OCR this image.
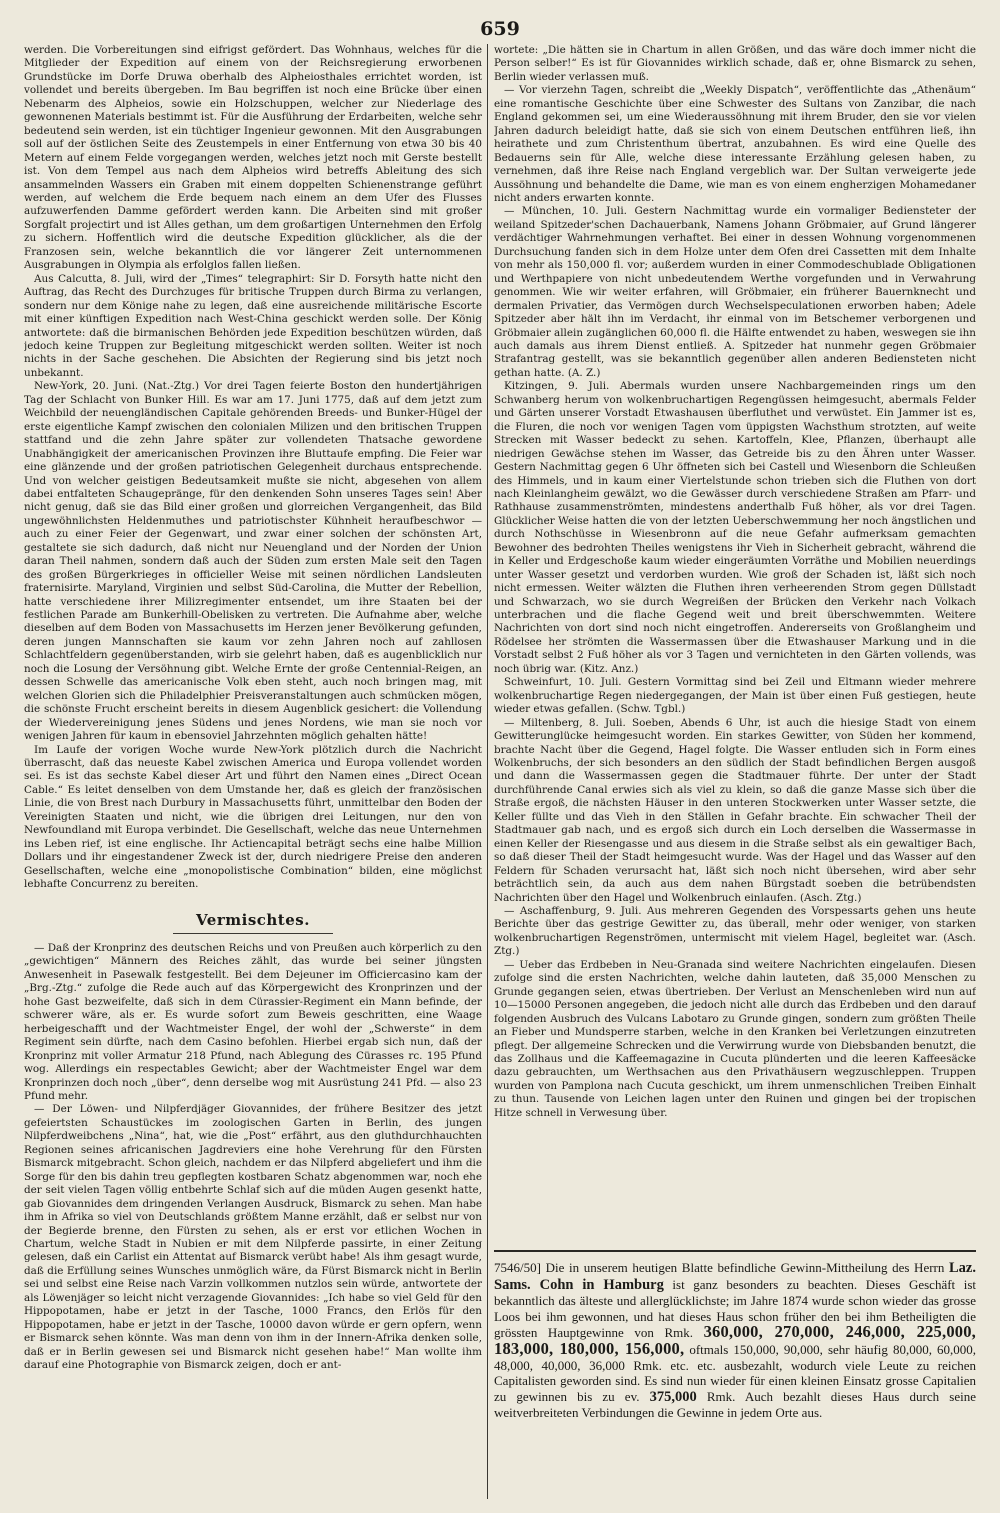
659

werden. Die Vorbereitungen sind eifrigst gefördert. Das Wohnhaus, welches für die Mitglieder der Expedition auf einem von der Reichsregierung erworbenen Grundstücke im Dorfe Druwa oberhalb des Alpheiosthales errichtet worden, ist vollendet und bereits übergeben. Im Bau begriffen ist noch eine Brücke über einen Nebenarm des Alpheios, sowie ein Holzschuppen, welcher zur Niederlage des gewonnenen Materials bestimmt ist. Für die Ausführung der Erdarbeiten, welche sehr bedeutend sein werden, ist ein tüchtiger Ingenieur gewonnen. Mit den Ausgrabungen soll auf der östlichen Seite des Zeustempels in einer Entfernung von etwa 30 bis 40 Metern auf einem Felde vorgegangen werden, welches jetzt noch mit Gerste bestellt ist. Von dem Tempel aus nach dem Alpheios wird betreffs Ableitung des sich ansammelnden Wassers ein Graben mit einem doppelten Schienenstrange geführt werden, auf welchem die Erde bequem nach einem an dem Ufer des Flusses aufzuwerfenden Damme gefördert werden kann. Die Arbeiten sind mit großer Sorgfalt projectirt und ist Alles gethan, um dem großartigen Unternehmen den Erfolg zu sichern. Hoffentlich wird die deutsche Expedition glücklicher, als die der Franzosen sein, welche bekanntlich die vor längerer Zeit unternommenen Ausgrabungen in Olympia als erfolglos fallen ließen.

Aus Calcutta, 8. Juli, wird der „Times“ telegraphirt: Sir D. Forsyth hatte nicht den Auftrag, das Recht des Durchzuges für britische Truppen durch Birma zu verlangen, sondern nur dem Könige nahe zu legen, daß eine ausreichende militärische Escorte mit einer künftigen Expedition nach West-China geschickt werden solle. Der König antwortete: daß die birmanischen Behörden jede Expedition beschützen würden, daß jedoch keine Truppen zur Begleitung mitgeschickt werden sollten. Weiter ist noch nichts in der Sache geschehen. Die Absichten der Regierung sind bis jetzt noch unbekannt.

New-York, 20. Juni. (Nat.-Ztg.) Vor drei Tagen feierte Boston den hundertjährigen Tag der Schlacht von Bunker Hill. Es war am 17. Juni 1775, daß auf dem jetzt zum Weichbild der neuengländischen Capitale gehörenden Breeds- und Bunker-Hügel der erste eigentliche Kampf zwischen den colonialen Milizen und den britischen Truppen stattfand und die zehn Jahre später zur vollendeten Thatsache gewordene Unabhängigkeit der americanischen Provinzen ihre Bluttaufe empfing. Die Feier war eine glänzende und der großen patriotischen Gelegenheit durchaus entsprechende. Und von welcher geistigen Bedeutsamkeit mußte sie nicht, abgesehen von allem dabei entfalteten Schaugepränge, für den denkenden Sohn unseres Tages sein! Aber nicht genug, daß sie das Bild einer großen und glorreichen Vergangenheit, das Bild ungewöhnlichsten Heldenmuthes und patriotischster Kühnheit heraufbeschwor — auch zu einer Feier der Gegenwart, und zwar einer solchen der schönsten Art, gestaltete sie sich dadurch, daß nicht nur Neuengland und der Norden der Union daran Theil nahmen, sondern daß auch der Süden zum ersten Male seit den Tagen des großen Bürgerkrieges in officieller Weise mit seinen nördlichen Landsleuten fraternisirte. Maryland, Virginien und selbst Süd-Carolina, die Mutter der Rebellion, hatte verschiedene ihrer Milizregimenter entsendet, um ihre Staaten bei der festlichen Parade am Bunkerhill-Obelisken zu vertreten. Die Aufnahme aber, welche dieselben auf dem Boden von Massachusetts im Herzen jener Bevölkerung gefunden, deren jungen Mannschaften sie kaum vor zehn Jahren noch auf zahllosen Schlachtfeldern gegenüberstanden, wirb sie gelehrt haben, daß es augenblicklich nur noch die Losung der Versöhnung gibt. Welche Ernte der große Centennial-Reigen, an dessen Schwelle das americanische Volk eben steht, auch noch bringen mag, mit welchen Glorien sich die Philadelphier Preisveranstaltungen auch schmücken mögen, die schönste Frucht erscheint bereits in diesem Augenblick gesichert: die Vollendung der Wiedervereinigung jenes Südens und jenes Nordens, wie man sie noch vor wenigen Jahren für kaum in ebensoviel Jahrzehnten möglich gehalten hätte!

Im Laufe der vorigen Woche wurde New-York plötzlich durch die Nachricht überrascht, daß das neueste Kabel zwischen America und Europa vollendet worden sei. Es ist das sechste Kabel dieser Art und führt den Namen eines „Direct Ocean Cable.“ Es leitet denselben von dem Umstande her, daß es gleich der französischen Linie, die von Brest nach Durbury in Massachusetts führt, unmittelbar den Boden der Vereinigten Staaten und nicht, wie die übrigen drei Leitungen, nur den von Newfoundland mit Europa verbindet. Die Gesellschaft, welche das neue Unternehmen ins Leben rief, ist eine englische. Ihr Actiencapital beträgt sechs eine halbe Million Dollars und ihr eingestandener Zweck ist der, durch niedrigere Preise den anderen Gesellschaften, welche eine „monopolistische Combination“ bilden, eine möglichst lebhafte Concurrenz zu bereiten.

Vermischtes.

— Daß der Kronprinz des deutschen Reichs und von Preußen auch körperlich zu den „gewichtigen“ Männern des Reiches zählt, das wurde bei seiner jüngsten Anwesenheit in Pasewalk festgestellt. Bei dem Dejeuner im Officiercasino kam der „Brg.-Ztg.“ zufolge die Rede auch auf das Körpergewicht des Kronprinzen und der hohe Gast bezweifelte, daß sich in dem Cürassier-Regiment ein Mann befinde, der schwerer wäre, als er. Es wurde sofort zum Beweis geschritten, eine Waage herbeigeschafft und der Wachtmeister Engel, der wohl der „Schwerste“ in dem Regiment sein dürfte, nach dem Casino befohlen. Hierbei ergab sich nun, daß der Kronprinz mit voller Armatur 218 Pfund, nach Ablegung des Cürasses rc. 195 Pfund wog. Allerdings ein respectables Gewicht; aber der Wachtmeister Engel war dem Kronprinzen doch noch „über“, denn derselbe wog mit Ausrüstung 241 Pfd. — also 23 Pfund mehr.

— Der Löwen- und Nilpferdjäger Giovannides, der frühere Besitzer des jetzt gefeiertsten Schaustückes im zoologischen Garten in Berlin, des jungen Nilpferdweibchens „Nina“, hat, wie die „Post“ erfährt, aus den gluthdurchhauchten Regionen seines africanischen Jagdreviers eine hohe Verehrung für den Fürsten Bismarck mitgebracht. Schon gleich, nachdem er das Nilpferd abgeliefert und ihm die Sorge für den bis dahin treu gepflegten kostbaren Schatz abgenommen war, noch ehe der seit vielen Tagen völlig entbehrte Schlaf sich auf die müden Augen gesenkt hatte, gab Giovannides dem dringenden Verlangen Ausdruck, Bismarck zu sehen. Man habe ihm in Afrika so viel von Deutschlands größtem Manne erzählt, daß er selbst nur von der Begierde brenne, den Fürsten zu sehen, als er erst vor etlichen Wochen in Chartum, welche Stadt in Nubien er mit dem Nilpferde passirte, in einer Zeitung gelesen, daß ein Carlist ein Attentat auf Bismarck verübt habe! Als ihm gesagt wurde, daß die Erfüllung seines Wunsches unmöglich wäre, da Fürst Bismarck nicht in Berlin sei und selbst eine Reise nach Varzin vollkommen nutzlos sein würde, antwortete der als Löwenjäger so leicht nicht verzagende Giovannides: „Ich habe so viel Geld für den Hippopotamen, habe er jetzt in der Tasche, 1000 Francs, den Erlös für den Hippopotamen, habe er jetzt in der Tasche, 10000 davon würde er gern opfern, wenn er Bismarck sehen könnte. Was man denn von ihm in der Innern-Afrika denken solle, daß er in Berlin gewesen sei und Bismarck nicht gesehen habe!“ Man wollte ihm darauf eine Photographie von Bismarck zeigen, doch er ant-

wortete: „Die hätten sie in Chartum in allen Größen, und das wäre doch immer nicht die Person selber!“ Es ist für Giovannides wirklich schade, daß er, ohne Bismarck zu sehen, Berlin wieder verlassen muß.

— Vor vierzehn Tagen, schreibt die „Weekly Dispatch“, veröffentlichte das „Athenäum“ eine romantische Geschichte über eine Schwester des Sultans von Zanzibar, die nach England gekommen sei, um eine Wiederaussöhnung mit ihrem Bruder, den sie vor vielen Jahren dadurch beleidigt hatte, daß sie sich von einem Deutschen entführen ließ, ihn heirathete und zum Christenthum übertrat, anzubahnen. Es wird eine Quelle des Bedauerns sein für Alle, welche diese interessante Erzählung gelesen haben, zu vernehmen, daß ihre Reise nach England vergeblich war. Der Sultan verweigerte jede Aussöhnung und behandelte die Dame, wie man es von einem engherzigen Mohamedaner nicht anders erwarten konnte.

— München, 10. Juli. Gestern Nachmittag wurde ein vormaliger Bediensteter der weiland Spitzeder'schen Dachauerbank, Namens Johann Gröbmaier, auf Grund längerer verdächtiger Wahrnehmungen verhaftet. Bei einer in dessen Wohnung vorgenommenen Durchsuchung fanden sich in dem Holze unter dem Ofen drei Cassetten mit dem Inhalte von mehr als 150,000 fl. vor; außerdem wurden in einer Commodeschublade Obligationen und Werthpapiere von nicht unbedeutendem Werthe vorgefunden und in Verwahrung genommen. Wie wir weiter erfahren, will Gröbmaier, ein früherer Bauernknecht und dermalen Privatier, das Vermögen durch Wechselspeculationen erworben haben; Adele Spitzeder aber hält ihn im Verdacht, ihr einmal von im Betschemer verborgenen und Gröbmaier allein zugänglichen 60,000 fl. die Hälfte entwendet zu haben, weswegen sie ihn auch damals aus ihrem Dienst entließ. A. Spitzeder hat nunmehr gegen Gröbmaier Strafantrag gestellt, was sie bekanntlich gegenüber allen anderen Bediensteten nicht gethan hatte. (A. Z.)

Kitzingen, 9. Juli. Abermals wurden unsere Nachbargemeinden rings um den Schwanberg herum von wolkenbruchartigen Regengüssen heimgesucht, abermals Felder und Gärten unserer Vorstadt Etwashausen überfluthet und verwüstet. Ein Jammer ist es, die Fluren, die noch vor wenigen Tagen vom üppigsten Wachsthum strotzten, auf weite Strecken mit Wasser bedeckt zu sehen. Kartoffeln, Klee, Pflanzen, überhaupt alle niedrigen Gewächse stehen im Wasser, das Getreide bis zu den Ähren unter Wasser. Gestern Nachmittag gegen 6 Uhr öffneten sich bei Castell und Wiesenborn die Schleußen des Himmels, und in kaum einer Viertelstunde schon trieben sich die Fluthen von dort nach Kleinlangheim gewälzt, wo die Gewässer durch verschiedene Straßen am Pfarr- und Rathhause zusammenströmten, mindestens anderthalb Fuß höher, als vor drei Tagen. Glücklicher Weise hatten die von der letzten Ueberschwemmung her noch ängstlichen und durch Nothschüsse in Wiesenbronn auf die neue Gefahr aufmerksam gemachten Bewohner des bedrohten Theiles wenigstens ihr Vieh in Sicherheit gebracht, während die in Keller und Erdgeschoße kaum wieder eingeräumten Vorräthe und Mobilien neuerdings unter Wasser gesetzt und verdorben wurden. Wie groß der Schaden ist, läßt sich noch nicht ermessen. Weiter wälzten die Fluthen ihren verheerenden Strom gegen Düllstadt und Schwarzach, wo sie durch Wegreißen der Brücken den Verkehr nach Volkach unterbrachen und die flache Gegend weit und breit überschwemmten. Weitere Nachrichten von dort sind noch nicht eingetroffen. Andererseits von Großlangheim und Rödelsee her strömten die Wassermassen über die Etwashauser Markung und in die Vorstadt selbst 2 Fuß höher als vor 3 Tagen und vernichteten in den Gärten vollends, was noch übrig war. (Kitz. Anz.)

Schweinfurt, 10. Juli. Gestern Vormittag sind bei Zeil und Eltmann wieder mehrere wolkenbruchartige Regen niedergegangen, der Main ist über einen Fuß gestiegen, heute wieder etwas gefallen. (Schw. Tgbl.)

— Miltenberg, 8. Juli. Soeben, Abends 6 Uhr, ist auch die hiesige Stadt von einem Gewitterunglücke heimgesucht worden. Ein starkes Gewitter, von Süden her kommend, brachte Nacht über die Gegend, Hagel folgte. Die Wasser entluden sich in Form eines Wolkenbruchs, der sich besonders an den südlich der Stadt befindlichen Bergen ausgoß und dann die Wassermassen gegen die Stadtmauer führte. Der unter der Stadt durchführende Canal erwies sich als viel zu klein, so daß die ganze Masse sich über die Straße ergoß, die nächsten Häuser in den unteren Stockwerken unter Wasser setzte, die Keller füllte und das Vieh in den Ställen in Gefahr brachte. Ein schwacher Theil der Stadtmauer gab nach, und es ergoß sich durch ein Loch derselben die Wassermasse in einen Keller der Riesengasse und aus diesem in die Straße selbst als ein gewaltiger Bach, so daß dieser Theil der Stadt heimgesucht wurde. Was der Hagel und das Wasser auf den Feldern für Schaden verursacht hat, läßt sich noch nicht übersehen, wird aber sehr beträchtlich sein, da auch aus dem nahen Bürgstadt soeben die betrübendsten Nachrichten über den Hagel und Wolkenbruch einlaufen. (Asch. Ztg.)

— Aschaffenburg, 9. Juli. Aus mehreren Gegenden des Vorspessarts gehen uns heute Berichte über das gestrige Gewitter zu, das überall, mehr oder weniger, von starken wolkenbruchartigen Regenströmen, untermischt mit vielem Hagel, begleitet war. (Asch. Ztg.)

— Ueber das Erdbeben in Neu-Granada sind weitere Nachrichten eingelaufen. Diesen zufolge sind die ersten Nachrichten, welche dahin lauteten, daß 35,000 Menschen zu Grunde gegangen seien, etwas übertrieben. Der Verlust an Menschenleben wird nun auf 10—15000 Personen angegeben, die jedoch nicht alle durch das Erdbeben und den darauf folgenden Ausbruch des Vulcans Labotaro zu Grunde gingen, sondern zum größten Theile an Fieber und Mundsperre starben, welche in den Kranken bei Verletzungen einzutreten pflegt. Der allgemeine Schrecken und die Verwirrung wurde von Diebsbanden benutzt, die das Zollhaus und die Kaffeemagazine in Cucuta plünderten und die leeren Kaffeesäcke dazu gebrauchten, um Werthsachen aus den Privathäusern wegzuschleppen. Truppen wurden von Pamplona nach Cucuta geschickt, um ihrem unmenschlichen Treiben Einhalt zu thun. Tausende von Leichen lagen unter den Ruinen und gingen bei der tropischen Hitze schnell in Verwesung über.

7546/50] Die in unserem heutigen Blatte befindliche Gewinn-Mittheilung des Herrn Laz. Sams. Cohn in Hamburg ist ganz besonders zu beachten. Dieses Geschäft ist bekanntlich das älteste und allerglücklichste; im Jahre 1874 wurde schon wieder das grosse Loos bei ihm gewonnen, und hat dieses Haus schon früher den bei ihm Betheiligten die grössten Hauptgewinne von Rmk. 360,000, 270,000, 246,000, 225,000, 183,000, 180,000, 156,000, oftmals 150,000, 90,000, sehr häufig 80,000, 60,000, 48,000, 40,000, 36,000 Rmk. etc. etc. ausbezahlt, wodurch viele Leute zu reichen Capitalisten geworden sind. Es sind nun wieder für einen kleinen Einsatz grosse Capitalien zu gewinnen bis zu ev. 375,000 Rmk. Auch bezahlt dieses Haus durch seine weitverbreiteten Verbindungen die Gewinne in jedem Orte aus.
